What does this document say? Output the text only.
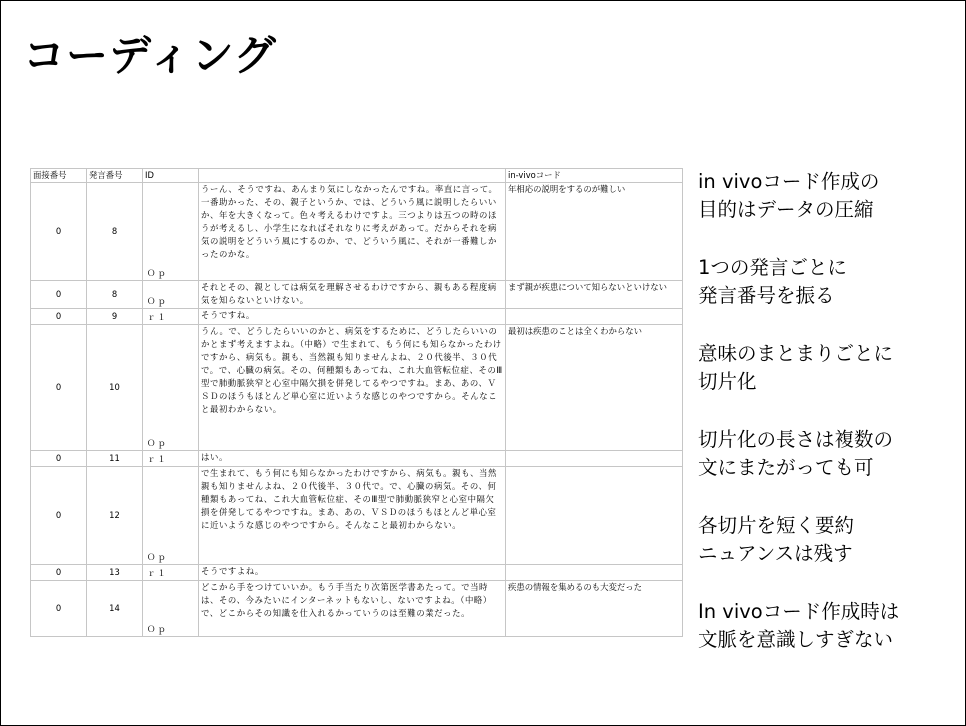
コーディング
面接番号	発言番号	ID		in-vivoコード
0	8	Ｏｐ	うーん、そうですね、あんまり気にしなかったんですね。率直に言って。一番助かった、その、親子というか、では、どういう風に説明したらいいか、年を大きくなって。色々考えるわけですよ。三つよりは五つの時のほうが考えるし、小学生になればそれなりに考えがあって。だからそれを病気の説明をどういう風にするのか、で、どういう風に、それが一番難しかったのかな。	年相応の説明をするのが難しい
0	8	Ｏｐ	それとその、親としては病気を理解させるわけですから、親もある程度病気を知らないといけない。	まず親が疾患について知らないといけない
0	9	ｒ１	そうですね。	
0	10	Ｏｐ	うん。で、どうしたらいいのかと、病気をするために、どうしたらいいのかとまず考えますよね。（中略）で生まれて、もう何にも知らなかったわけですから、病気も。親も、当然親も知りませんよね、２０代後半、３０代で。で、心臓の病気。その、何種類もあってね、これ大血管転位症、そのⅢ型で肺動脈狭窄と心室中隔欠損を併発してるやつですね。まあ、あの、ＶＳＤのほうもほとんど単心室に近いような感じのやつですから。そんなこと最初わからない。	最初は疾患のことは全くわからない
0	11	ｒ１	はい。	
0	12	Ｏｐ	で生まれて、もう何にも知らなかったわけですから、病気も。親も、当然親も知りませんよね、２０代後半、３０代で。で、心臓の病気。その、何種類もあってね、これ大血管転位症、そのⅢ型で肺動脈狭窄と心室中隔欠損を併発してるやつですね。まあ、あの、ＶＳＤのほうもほとんど単心室に近いような感じのやつですから。そんなこと最初わからない。	
0	13	ｒ１	そうですよね。	
0	14	Ｏｐ	どこから手をつけていいか。もう手当たり次第医学書あたって。で当時は、その、今みたいにインターネットもないし、ないですよね。（中略）で、どこからその知識を仕入れるかっていうのは至難の業だった。	疾患の情報を集めるのも大変だった
in vivoコード作成の
目的はデータの圧縮
1つの発言ごとに
発言番号を振る
意味のまとまりごとに
切片化
切片化の長さは複数の
文にまたがっても可
各切片を短く要約
ニュアンスは残す
In vivoコード作成時は
文脈を意識しすぎない
